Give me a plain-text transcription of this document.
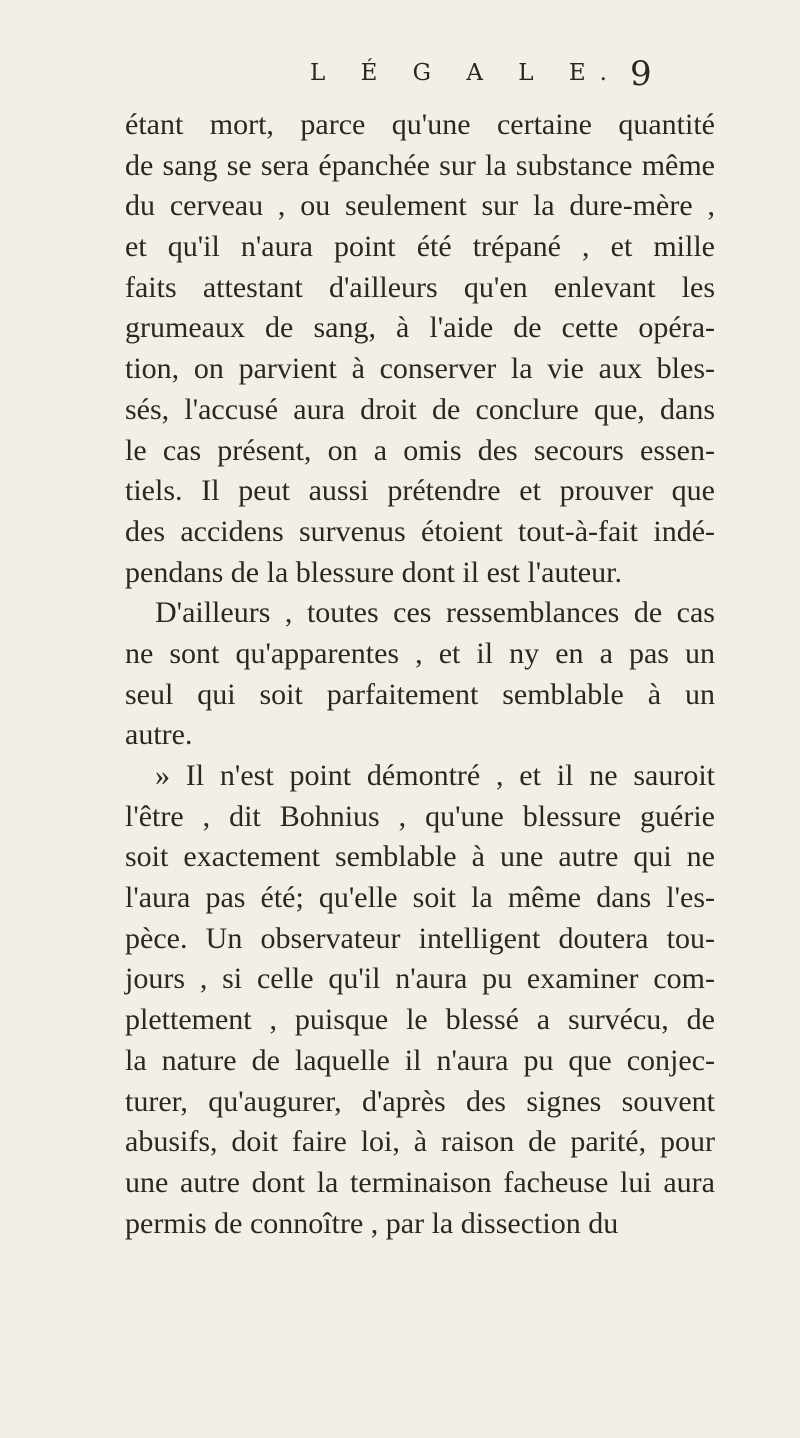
L É G A L E. 9
étant mort, parce qu'une certaine quantité
de sang se sera épanchée sur la substance même
du cerveau , ou seulement sur la dure-mère ,
et qu'il n'aura point été trépané , et mille
faits attestant d'ailleurs qu'en enlevant les
grumeaux de sang, à l'aide de cette opéra-
tion, on parvient à conserver la vie aux bles-
sés, l'accusé aura droit de conclure que, dans
le cas présent, on a omis des secours essen-
tiels. Il peut aussi prétendre et prouver que
des accidens survenus étoient tout-à-fait indé-
pendans de la blessure dont il est l'auteur.
D'ailleurs , toutes ces ressemblances de cas
ne sont qu'apparentes , et il ny en a pas un
seul qui soit parfaitement semblable à un
autre.
» Il n'est point démontré , et il ne sauroit
l'être , dit Bohnius , qu'une blessure guérie
soit exactement semblable à une autre qui ne
l'aura pas été; qu'elle soit la même dans l'es-
pèce. Un observateur intelligent doutera tou-
jours , si celle qu'il n'aura pu examiner com-
plettement , puisque le blessé a survécu, de
la nature de laquelle il n'aura pu que conjec-
turer, qu'augurer, d'après des signes souvent
abusifs, doit faire loi, à raison de parité, pour
une autre dont la terminaison facheuse lui aura
permis de connoître , par la dissection du
